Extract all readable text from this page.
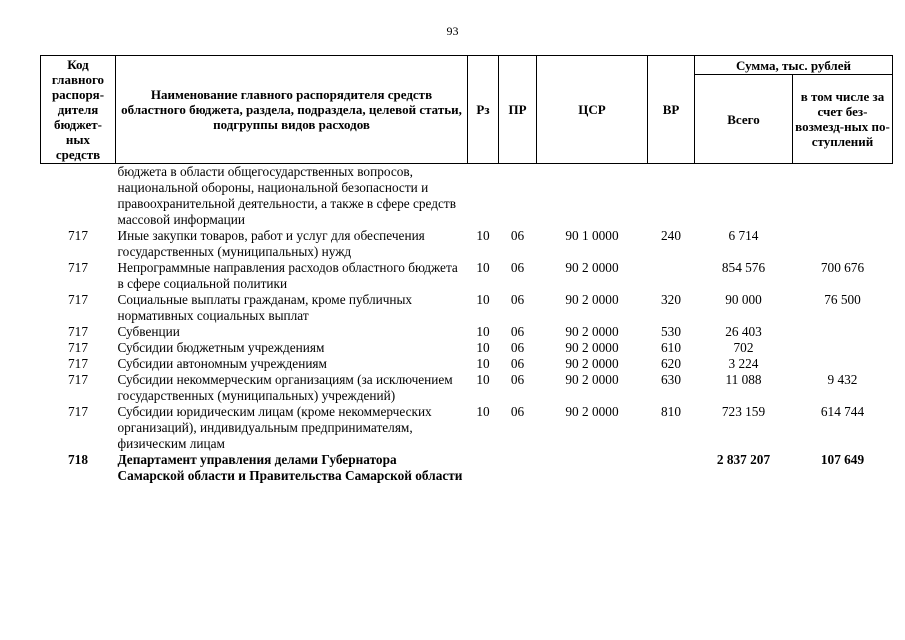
93
Код главного распоря-дителя бюджет-ных средств	Наименование главного распорядителя средств областного бюджета, раздела, подраздела, целевой статьи, подгруппы видов расходов	Рз	ПР	ЦСР	ВР	Сумма, тыс. рублей	
						Всего	в том числе за счет без-возмезд-ных по-ступлений
	бюджета в области общегосударственных вопросов, национальной обороны, национальной безопасности и правоохранительной деятельности, а также в сфере средств массовой информации						
717	Иные закупки товаров, работ и услуг для обеспечения государственных (муниципальных) нужд	10	06	90 1 0000	240	6 714	
717	Непрограммные направления расходов областного бюджета в сфере социальной политики	10	06	90 2 0000		854 576	700 676
717	Социальные выплаты гражданам, кроме публичных нормативных социальных выплат	10	06	90 2 0000	320	90 000	76 500
717	Субвенции	10	06	90 2 0000	530	26 403	
717	Субсидии бюджетным учреждениям	10	06	90 2 0000	610	702	
717	Субсидии автономным учреждениям	10	06	90 2 0000	620	3 224	
717	Субсидии некоммерческим организациям (за исключением государственных (муниципальных) учреждений)	10	06	90 2 0000	630	11 088	9 432
717	Субсидии юридическим лицам (кроме некоммерческих организаций), индивидуальным предпринимателям, физическим лицам	10	06	90 2 0000	810	723 159	614 744
718	Департамент управления делами Губернатора Самарской области и Правительства Самарской области					2 837 207	107 649
